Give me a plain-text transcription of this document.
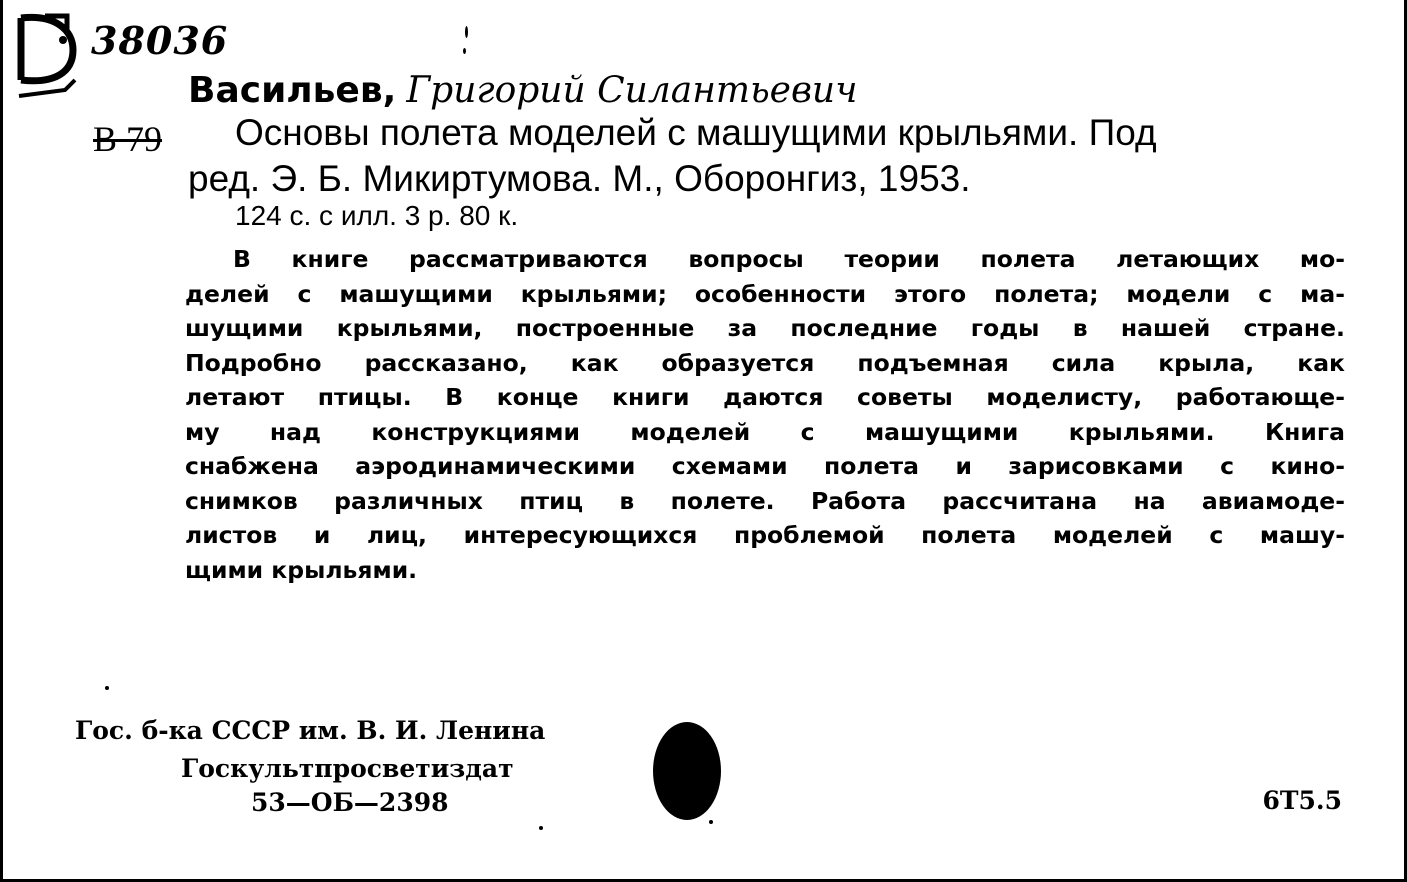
38036
Васильев, Григорий Силантьевич
В 79 Основы полета моделей с машущими крыльями. Под
ред. Э. Б. Микиртумова. М., Оборонгиз, 1953.
124 с. с илл. 3 р. 80 к.
В книге рассматриваются вопросы теории полета летающих мо-
делей с машущими крыльями; особенности этого полета; модели с ма-
шущими крыльями, построенные за последние годы в нашей стране.
Подробно рассказано, как образуется подъемная сила крыла, как
летают птицы. В конце книги даются советы моделисту, работающе-
му над конструкциями моделей с машущими крыльями. Книга
снабжена аэродинамическими схемами полета и зарисовками с кино-
снимков различных птиц в полете. Работа рассчитана на авиамоде-
листов и лиц, интересующихся проблемой полета моделей с машу-
щими крыльями.
Гос. б-ка СССР им. В. И. Ленина
Госкультпросветиздат
53—ОБ—2398	6Т5.5
